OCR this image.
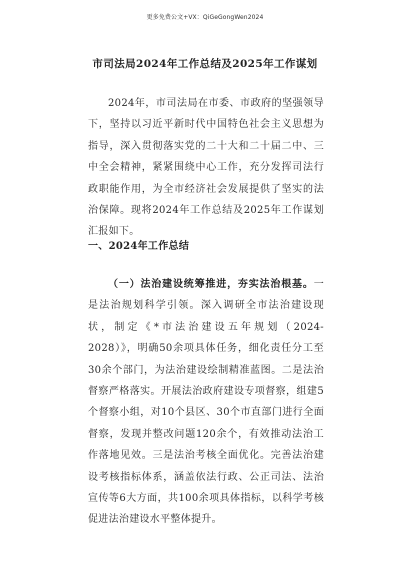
更多免费公文+VX：QiGeGongWen2024
市司法局2024年工作总结及2025年工作谋划

2024年，市司法局在市委、市政府的坚强领导下，坚持以习近平新时代中国特色社会主义思想为指导，深入贯彻落实党的二十大和二十届二中、三中全会精神，紧紧围绕中心工作，充分发挥司法行政职能作用，为全市经济社会发展提供了坚实的法治保障。现将2024年工作总结及2025年工作谋划汇报如下。

一、2024年工作总结

（一）法治建设统筹推进，夯实法治根基。一是法治规划科学引领。深入调研全市法治建设现状，制定《*市法治建设五年规划（2024-2028）》，明确50余项具体任务，细化责任分工至30余个部门，为法治建设绘制精准蓝图。二是法治督察严格落实。开展法治政府建设专项督察，组建5个督察小组，对10个县区、30个市直部门进行全面督察，发现并整改问题120余个，有效推动法治工作落地见效。三是法治考核全面优化。完善法治建设考核指标体系，涵盖依法行政、公正司法、法治宣传等6大方面，共100余项具体指标，以科学考核促进法治建设水平整体提升。
